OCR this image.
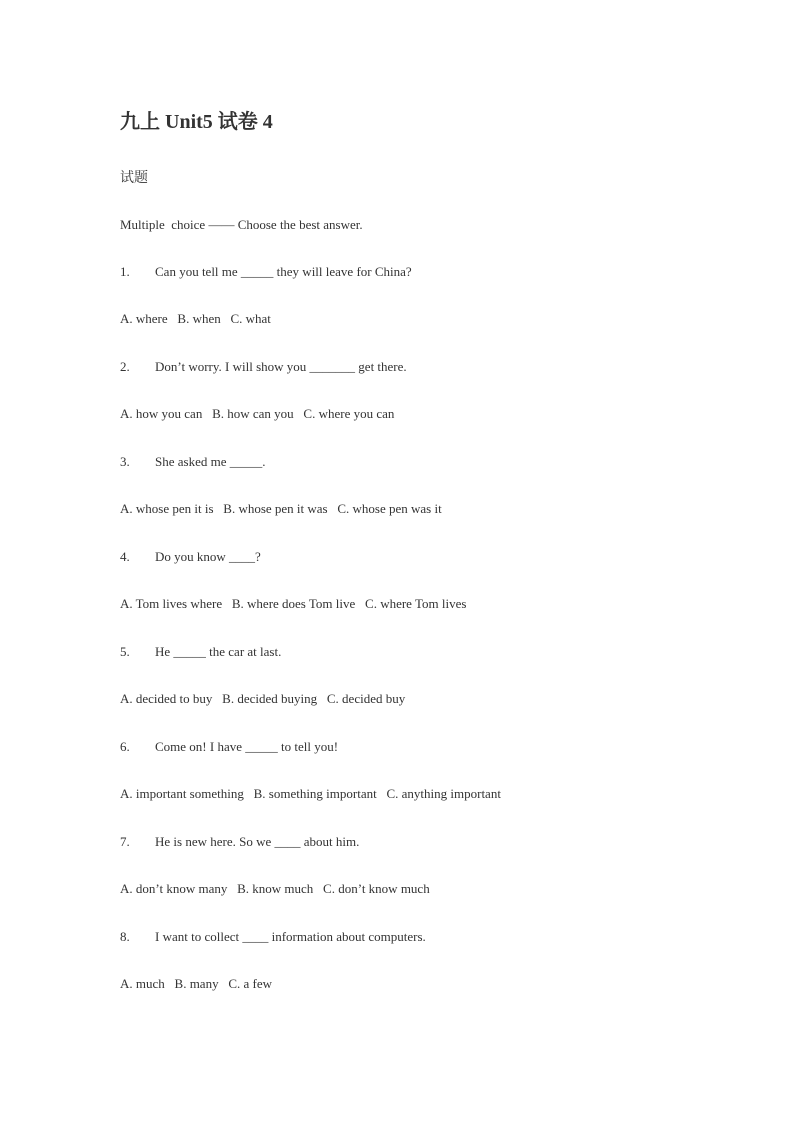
九上 Unit5 试卷 4
试题
Multiple  choice —— Choose the best answer.
1. Can you tell me _____ they will leave for China?
A. where   B. when   C. what
2. Don’t worry. I will show you _______ get there.
A. how you can   B. how can you   C. where you can
3. She asked me _____.
A. whose pen it is   B. whose pen it was   C. whose pen was it
4. Do you know ____?
A. Tom lives where   B. where does Tom live   C. where Tom lives
5. He _____ the car at last.
A. decided to buy   B. decided buying   C. decided buy
6. Come on! I have _____ to tell you!
A. important something   B. something important   C. anything important
7. He is new here. So we ____ about him.
A. don’t know many   B. know much   C. don’t know much
8. I want to collect ____ information about computers.
A. much   B. many   C. a few
